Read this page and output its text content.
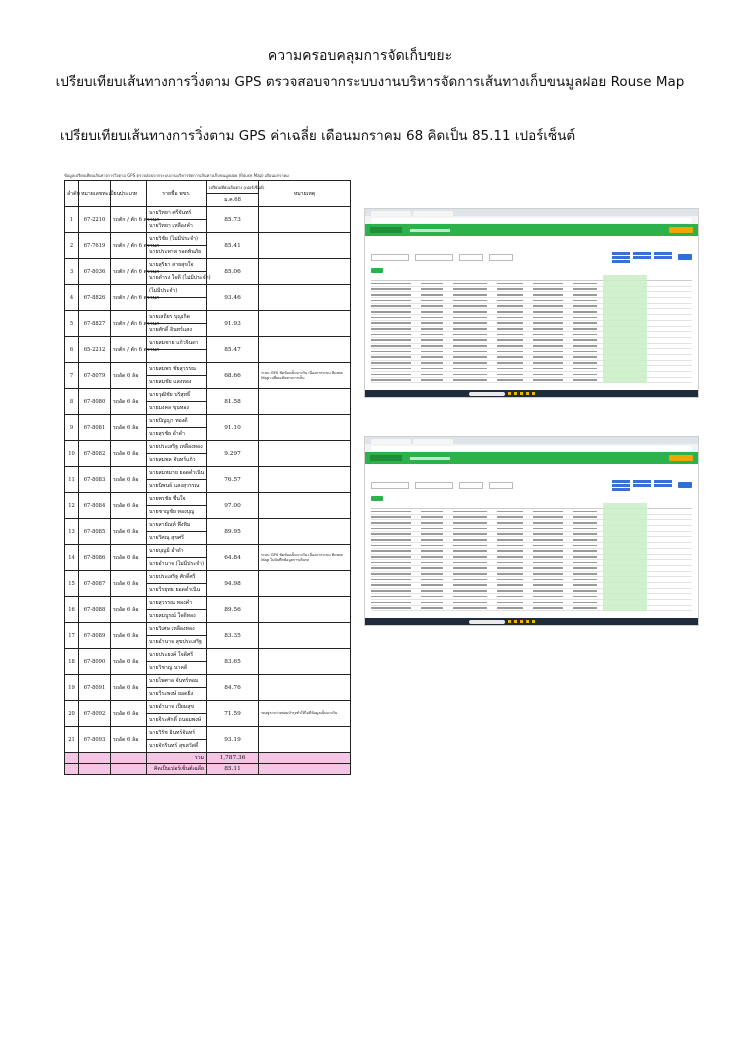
ความครอบคลุมการจัดเก็บขยะ
เปรียบเทียบเส้นทางการวิ่งตาม GPS ตรวจสอบจากระบบงานบริหารจัดการเส้นทางเก็บขนมูลฝอย Rouse Map
เปรียบเทียบเส้นทางการวิ่งตาม GPS ค่าเฉลี่ย เดือนมกราคม 68 คิดเป็น 85.11 เปอร์เซ็นต์
ข้อมูลเปรียบเทียบเส้นทางการวิ่งตาม GPS ตรวจสอบจากระบบงานบริหารจัดการเส้นทางเก็บขนมูลฝอย (Rouse Map) เดือนมกราคม
ลำดับ	หมายเลขทะเบียน	ประเภท	รายชื่อ พขร.	เปรียบเทียบเส้นทาง (เปอร์เซ็นต์)	หมายเหตุ
				ม.ค.68	
1	67-2210	รถตัก / ตัก 6 ตรวนก	นายวิทยา ศรีจันทร์	85.73	
			นายวิทยา เหลืองคำ		
2	67-7619	รถตัก / ตัก 6 ตรวนก	นายวิชัย (ไม่มีประจำ)	85.41	
			นายประพาส รอดพ้นภัย		
3	67-8036	รถตัก / ตัก 6 ตรวนก	นายสุริยา สายสุขใจ	85.06	
			นายดำรง ใจดี (ไม่มีประจำ)		
4	67-8826	รถตัก / ตัก 6 ตรวนก	(ไม่มีประจำ)	93.46	

5	67-8827	รถตัก / ตัก 6 ตรวนก	นายเสถียร บุญเกิด	91.93	
			นายศักดิ์ อินทร์แสง		
6	65-2212	รถตัก / ตัก 6 ตรวนก	นายสมชาย แก้วจินดา	85.47	

7	67-8079	รถอัด 6 ล้อ	นายสมพร ชัยสุวรรณ	68.66	ระบบ GPS ขัดข้องเป็นบางวัน เนื่องจากระบบ Rouse Map เปลี่ยนเส้นทางการเก็บ
			นายสมชัย แสงทอง		
8	67-8080	รถอัด 6 ล้อ	นายวุฒิชัย บริสุทธิ์	81.58	
			นายมงคล ขุนทอง		
9	67-8081	รถอัด 6 ล้อ	นายปัญญา ทองดี	91.10	
			นายสุรชัย อ่ำดำ		
10	67-8082	รถอัด 6 ล้อ	นายประเสริฐ เหลืองทอง	9.297	
			นายสมพล จันทร์แก้ว		
11	67-8083	รถอัด 6 ล้อ	นายสมหมาย ยอดดำเนิน	76.57	
			นายนิพนธ์ แสงสุวรรณ		
12	67-8084	รถอัด 6 ล้อ	นายพรชัย ชื่นใจ	97.00	
			นายชาญชัย ทองบุญ		
13	67-8085	รถอัด 6 ล้อ	นายสายัณห์ พึ่งทิม	89.95	
			นายวิศณุ สุขศรี		
14	67-8086	รถอัด 6 ล้อ	นายบุญมี อ่ำดำ	64.84	ระบบ GPS ขัดข้องเป็นบางวัน เนื่องจากระบบ Rouse Map ไม่บันทึกข้อมูลการเดินรถ
			นายอำนาจ (ไม่มีประจำ)		
15	67-8087	รถอัด 6 ล้อ	นายประเสริฐ ศักดิ์ศรี	94.98	
			นายวีรยุทธ ยอดดำเนิน		
16	67-8088	รถอัด 6 ล้อ	นายสุวรรณ ทองคำ	89.56	
			นายสมบูรณ์ ใจดีทอง		
17	67-8089	รถอัด 6 ล้อ	นายวิเศษ เหลืองทอง	83.35	
			นายอำนาจ สุขประเสริฐ		
18	67-8090	รถอัด 6 ล้อ	นายประยงค์ ใจดีศรี	83.65	
			นายวิชาญ นาคดี		
19	67-8091	รถอัด 6 ล้อ	นายไพศาล จันทร์หอม	84.76	
			นายวีระพงษ์ ยอดยิ่ง		
20	67-8092	รถอัด 6 ล้อ	นายอำนาจ เปี่ยมสุข	71.59	รถอยู่ระหว่างซ่อมบำรุงทำให้ไม่มีข้อมูลเป็นบางวัน
			นายจีระศักดิ์ ถนอมพงษ์		
21	67-8093	รถอัด 6 ล้อ	นายวิรัช อินทร์จันทร์	93.19	
			นายจักรินทร์ สุขสวัสดิ์		
			รวม	1,787.36	
			คิดเป็นเปอร์เซ็นต์เฉลี่ย	85.11	
